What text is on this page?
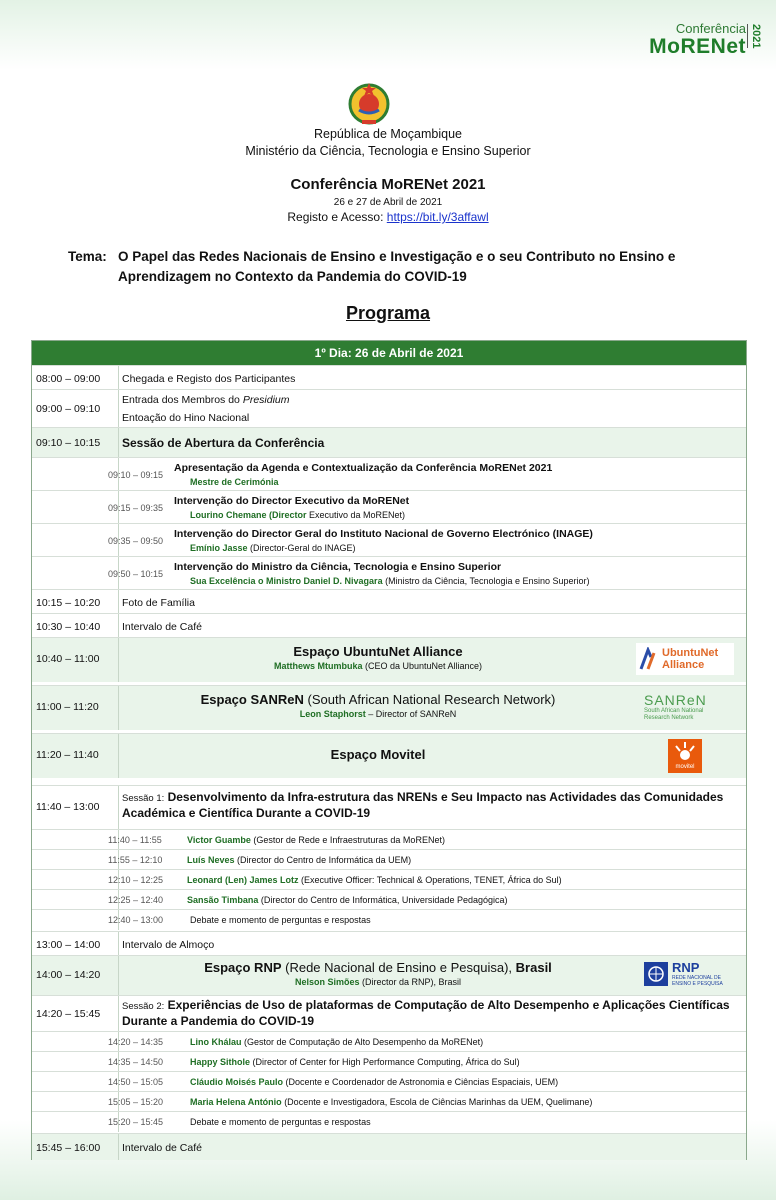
Conferência
MoRENet 2021
República de Moçambique
Ministério da Ciência, Tecnologia e Ensino Superior
Conferência MoRENet 2021
26 e 27 de Abril de 2021
Registo e Acesso: https://bit.ly/3affawl
Tema: O Papel das Redes Nacionais de Ensino e Investigação e o seu Contributo no Ensino e Aprendizagem no Contexto da Pandemia do COVID-19
Programa
1º Dia: 26 de Abril de 2021
08:00 – 09:00 Chegada e Registo dos Participantes
09:00 – 09:10
Entrada dos Membros do Presidium
Entoação do Hino Nacional
09:10 – 10:15 Sessão de Abertura da Conferência
09:10 – 09:15
Apresentação da Agenda e Contextualização da Conferência MoRENet 2021
Mestre de Cerimónia
09:15 – 09:35
Intervenção do Director Executivo da MoRENet
Lourino Chemane (Director Executivo da MoRENet)
09:35 – 09:50
Intervenção do Director Geral do Instituto Nacional de Governo Electrónico (INAGE)
Emínio Jasse (Director-Geral do INAGE)
09:50 – 10:15
Intervenção do Ministro da Ciência, Tecnologia e Ensino Superior
Sua Excelência o Ministro Daniel D. Nivagara (Ministro da Ciência, Tecnologia e Ensino Superior)
10:15 – 10:20 Foto de Família
10:30 – 10:40 Intervalo de Café
10:40 – 11:00	Espaço UbuntuNet Alliance
Matthews Mtumbuka (CEO da UbuntuNet Alliance)
UbuntuNet
Alliance
11:00 – 11:20	Espaço SANReN (South African National Research Network)
Leon Staphorst – Director of SANReN
SANReN
South African National Research Network
11:20 – 11:40	Espaço Movitel
movitel
11:40 – 13:00
Sessão 1: Desenvolvimento da Infra-estrutura das NRENs e Seu Impacto nas Actividades das Comunidades Académica e Científica Durante a COVID-19
11:40 – 11:55	Victor Guambe (Gestor de Rede e Infraestruturas da MoRENet)
11:55 – 12:10	Luís Neves (Director do Centro de Informática da UEM)
12:10 – 12:25	Leonard (Len) James Lotz (Executive Officer: Technical & Operations, TENET, África do Sul)
12:25 – 12:40	Sansão Timbana (Director do Centro de Informática, Universidade Pedagógica)
12:40 – 13:00	Debate e momento de perguntas e respostas
13:00 – 14:00 Intervalo de Almoço
14:00 – 14:20	Espaço RNP (Rede Nacional de Ensino e Pesquisa), Brasil
Nelson Simões (Director da RNP), Brasil
RNP
REDE NACIONAL DE
ENSINO E PESQUISA
14:20 – 15:45
Sessão 2: Experiências de Uso de plataformas de Computação de Alto Desempenho e Aplicações Científicas Durante a Pandemia do COVID-19
14:20 – 14:35	Lino Khálau (Gestor de Computação de Alto Desempenho da MoRENet)
14:35 – 14:50	Happy Sithole (Director of Center for High Performance Computing, África do Sul)
14:50 – 15:05	Cláudio Moisés Paulo (Docente e Coordenador de Astronomia e Ciências Espaciais, UEM)
15:05 – 15:20	Maria Helena António (Docente e Investigadora, Escola de Ciências Marinhas da UEM, Quelimane)
15:20 – 15:45	Debate e momento de perguntas e respostas
15:45 – 16:00 Intervalo de Café
